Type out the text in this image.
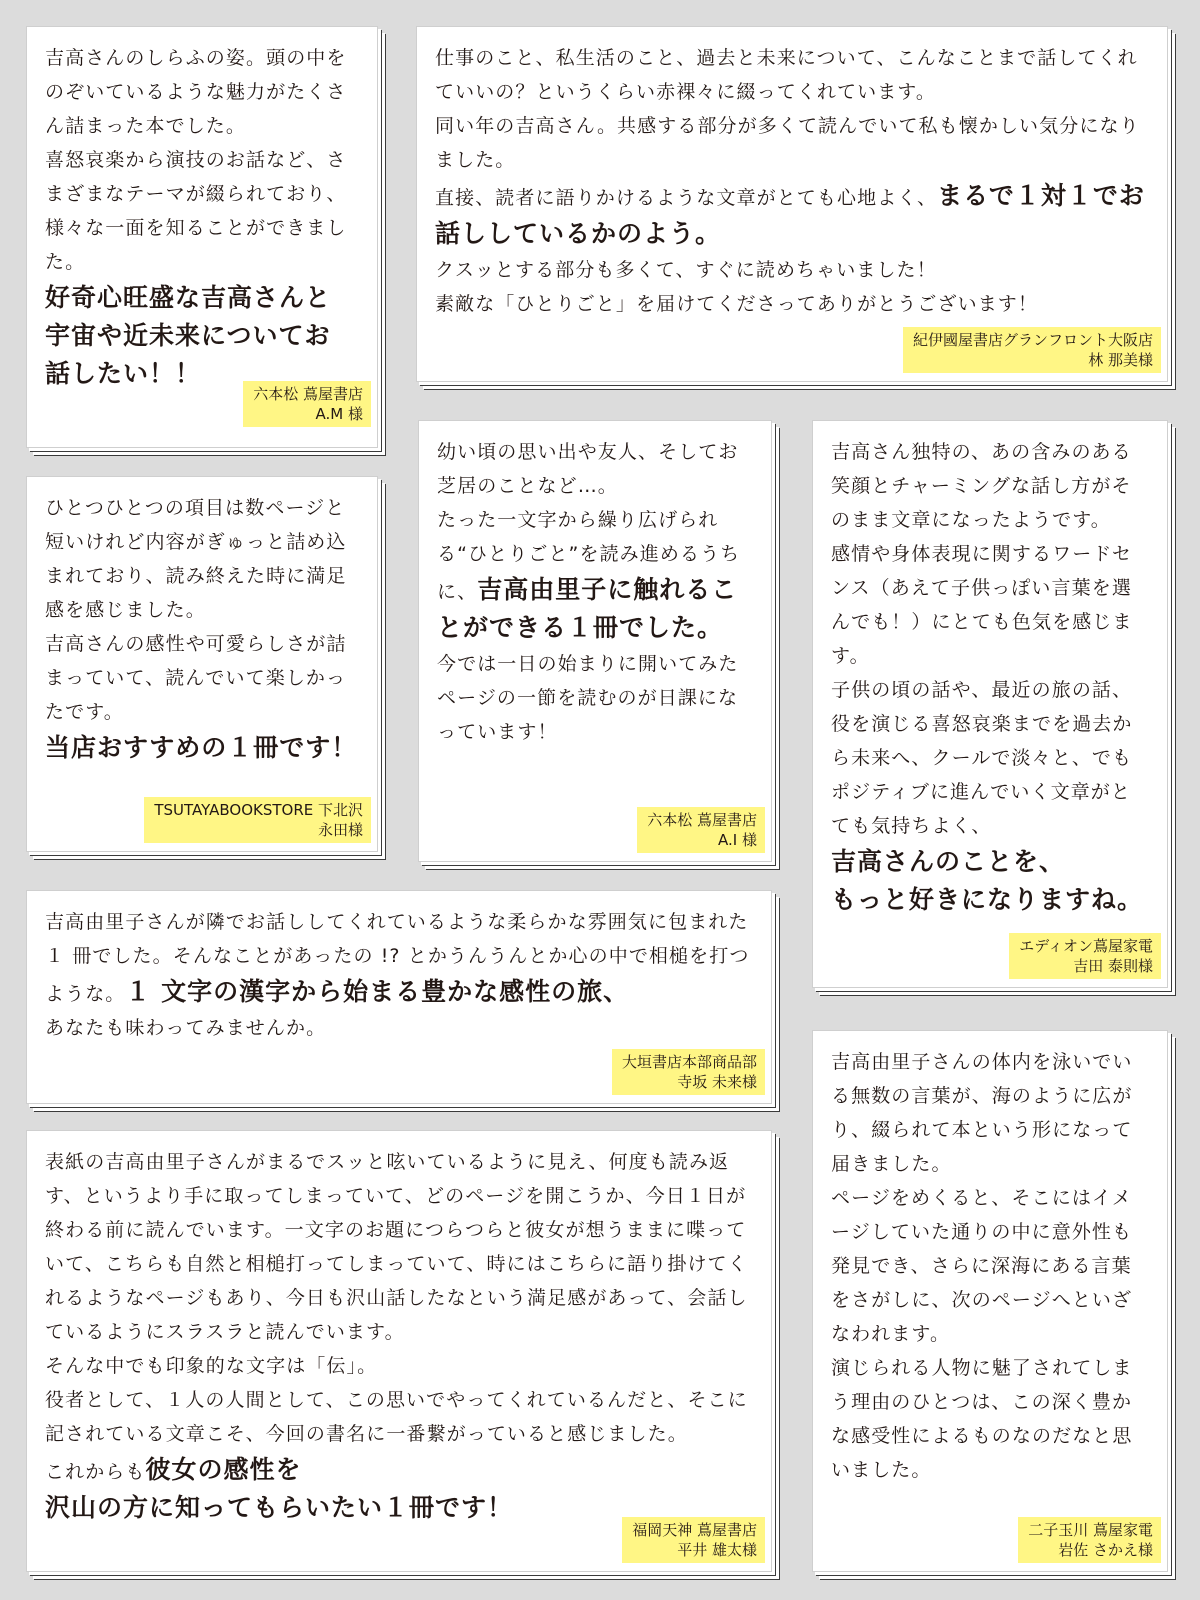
吉高さんのしらふの姿。頭の中をのぞいているような魅力がたくさん詰まった本でした。

喜怒哀楽から演技のお話など、さまざまなテーマが綴られており、様々な一面を知ることができました。

好奇心旺盛な吉高さんと宇宙や近未来についてお話したい！！

六本松 蔦屋書店
A.M 様

仕事のこと、私生活のこと、過去と未来について、こんなことまで話してくれていいの？というくらい赤裸々に綴ってくれています。

同い年の吉高さん。共感する部分が多くて読んでいて私も懐かしい気分になりました。

直接、読者に語りかけるような文章がとても心地よく、まるで１対１でお話ししているかのよう。

クスッとする部分も多くて、すぐに読めちゃいました！

素敵な「ひとりごと」を届けてくださってありがとうございます！

紀伊國屋書店グランフロント大阪店
林 那美様

ひとつひとつの項目は数ページと短いけれど内容がぎゅっと詰め込まれており、読み終えた時に満足感を感じました。

吉高さんの感性や可愛らしさが詰まっていて、読んでいて楽しかったです。

当店おすすめの１冊です！

TSUTAYABOOKSTORE 下北沢
永田様

幼い頃の思い出や友人、そしてお芝居のことなど…。

たった一文字から繰り広げられる“ひとりごと”を読み進めるうちに、吉高由里子に触れることができる１冊でした。

今では一日の始まりに開いてみたページの一節を読むのが日課になっています！

六本松 蔦屋書店
A.I 様

吉高さん独特の、あの含みのある笑顔とチャーミングな話し方がそのまま文章になったようです。

感情や身体表現に関するワードセンス（あえて子供っぽい言葉を選んでも！）にとても色気を感じます。

子供の頃の話や、最近の旅の話、役を演じる喜怒哀楽までを過去から未来へ、クールで淡々と、でもポジティブに進んでいく文章がとても気持ちよく、

吉高さんのことを、

もっと好きになりますね。

エディオン蔦屋家電
吉田 泰則様

吉高由里子さんが隣でお話ししてくれているような柔らかな雰囲気に包まれた １ 冊でした。そんなことがあったの !? とかうんうんとか心の中で相槌を打つような。１ 文字の漢字から始まる豊かな感性の旅、

あなたも味わってみませんか。

大垣書店本部商品部
寺坂 未来様

表紙の吉高由里子さんがまるでスッと呟いているように見え、何度も読み返す、というより手に取ってしまっていて、どのページを開こうか、今日１日が終わる前に読んでいます。一文字のお題につらつらと彼女が想うままに喋っていて、こちらも自然と相槌打ってしまっていて、時にはこちらに語り掛けてくれるようなページもあり、今日も沢山話したなという満足感があって、会話しているようにスラスラと読んでいます。

そんな中でも印象的な文字は「伝」。

役者として、１人の人間として、この思いでやってくれているんだと、そこに記されている文章こそ、今回の書名に一番繋がっていると感じました。

これからも彼女の感性を

沢山の方に知ってもらいたい１冊です！

福岡天神 蔦屋書店
平井 雄太様

吉高由里子さんの体内を泳いでいる無数の言葉が、海のように広がり、綴られて本という形になって届きました。

ページをめくると、そこにはイメージしていた通りの中に意外性も発見でき、さらに深海にある言葉をさがしに、次のページへといざなわれます。

演じられる人物に魅了されてしまう理由のひとつは、この深く豊かな感受性によるものなのだなと思いました。

二子玉川 蔦屋家電
岩佐 さかえ様
